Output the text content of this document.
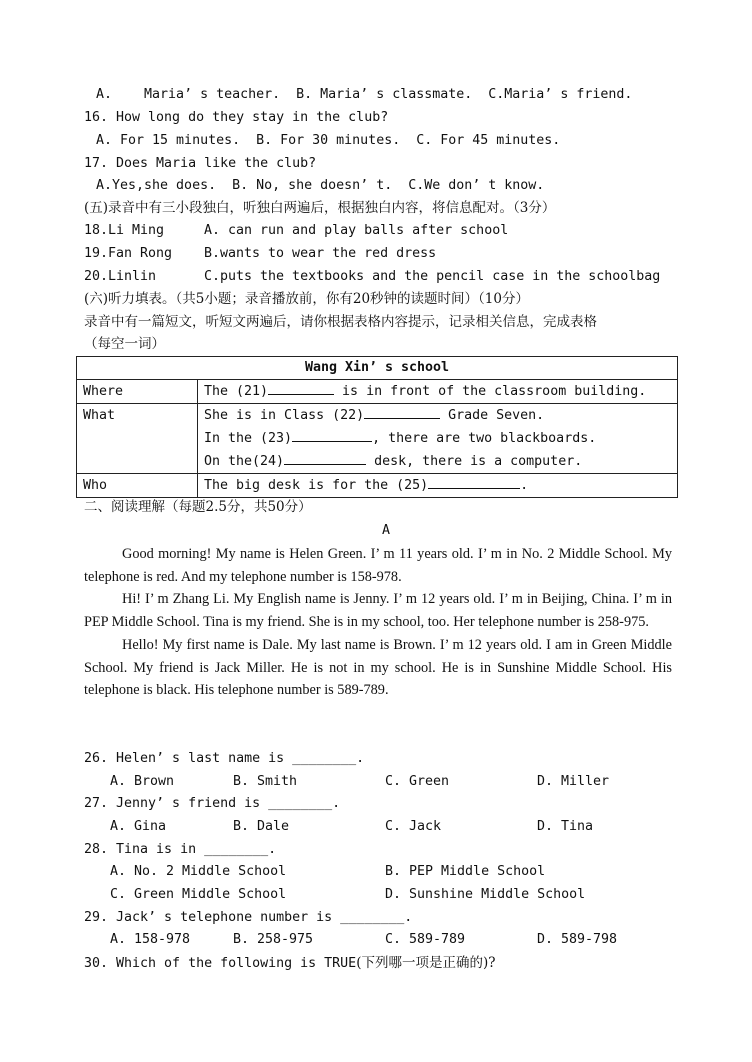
A.    Maria’ s teacher.  B. Maria’ s classmate.  C.Maria’ s friend.
16. How long do they stay in the club?
A. For 15 minutes.  B. For 30 minutes.  C. For 45 minutes.
17. Does Maria like the club?
A.Yes,she does.  B. No, she doesn’ t.  C.We don’ t know.
(五)录音中有三小段独白，听独白两遍后，根据独白内容，将信息配对。（3分）
18.Li Ming	A. can run and play balls after school
19.Fan Rong B.wants to wear the red dress
20.Linlin	C.puts the textbooks and the pencil case in the schoolbag
(六)听力填表。（共5小题；录音播放前，你有20秒钟的读题时间）（10分）
录音中有一篇短文，听短文两遍后，请你根据表格内容提示，记录相关信息，完成表格
（每空一词）
Wang Xin’ s school	
Where	The (21) is in front of the classroom building.
What	She is in Class (22) Grade Seven.
In the (23) , there are two blackboards.
On the(24) desk, there is a computer.

Who	The big desk is for the (25) .
二、阅读理解（每题2.5分，共50分）
A

Good morning! My name is Helen Green. I’ m 11 years old. I’ m in No. 2 Middle School. My telephone is red. And my telephone number is 158-978.

Hi! I’ m Zhang Li. My English name is Jenny. I’ m 12 years old. I’ m in Beijing, China. I’ m in PEP Middle School. Tina is my friend. She is in my school, too. Her telephone number is 258-975.

Hello! My first name is Dale. My last name is Brown. I’ m 12 years old. I am in Green Middle School. My friend is Jack Miller. He is not in my school. He is in Sunshine Middle School. His telephone is black. His telephone number is 589-789.

26. Helen’ s last name is ________.
A. Brown	B. Smith	C. Green	D. Miller
27. Jenny’ s friend is ________.
A. Gina	B. Dale	C. Jack	D. Tina
28. Tina is in ________.
A. No. 2 Middle School	B. PEP Middle School
C. Green Middle School	D. Sunshine Middle School
29. Jack’ s telephone number is ________.
A. 158-978	B. 258-975	C. 589-789	D. 589-798
30. Which of the following is TRUE(下列哪一项是正确的)?
